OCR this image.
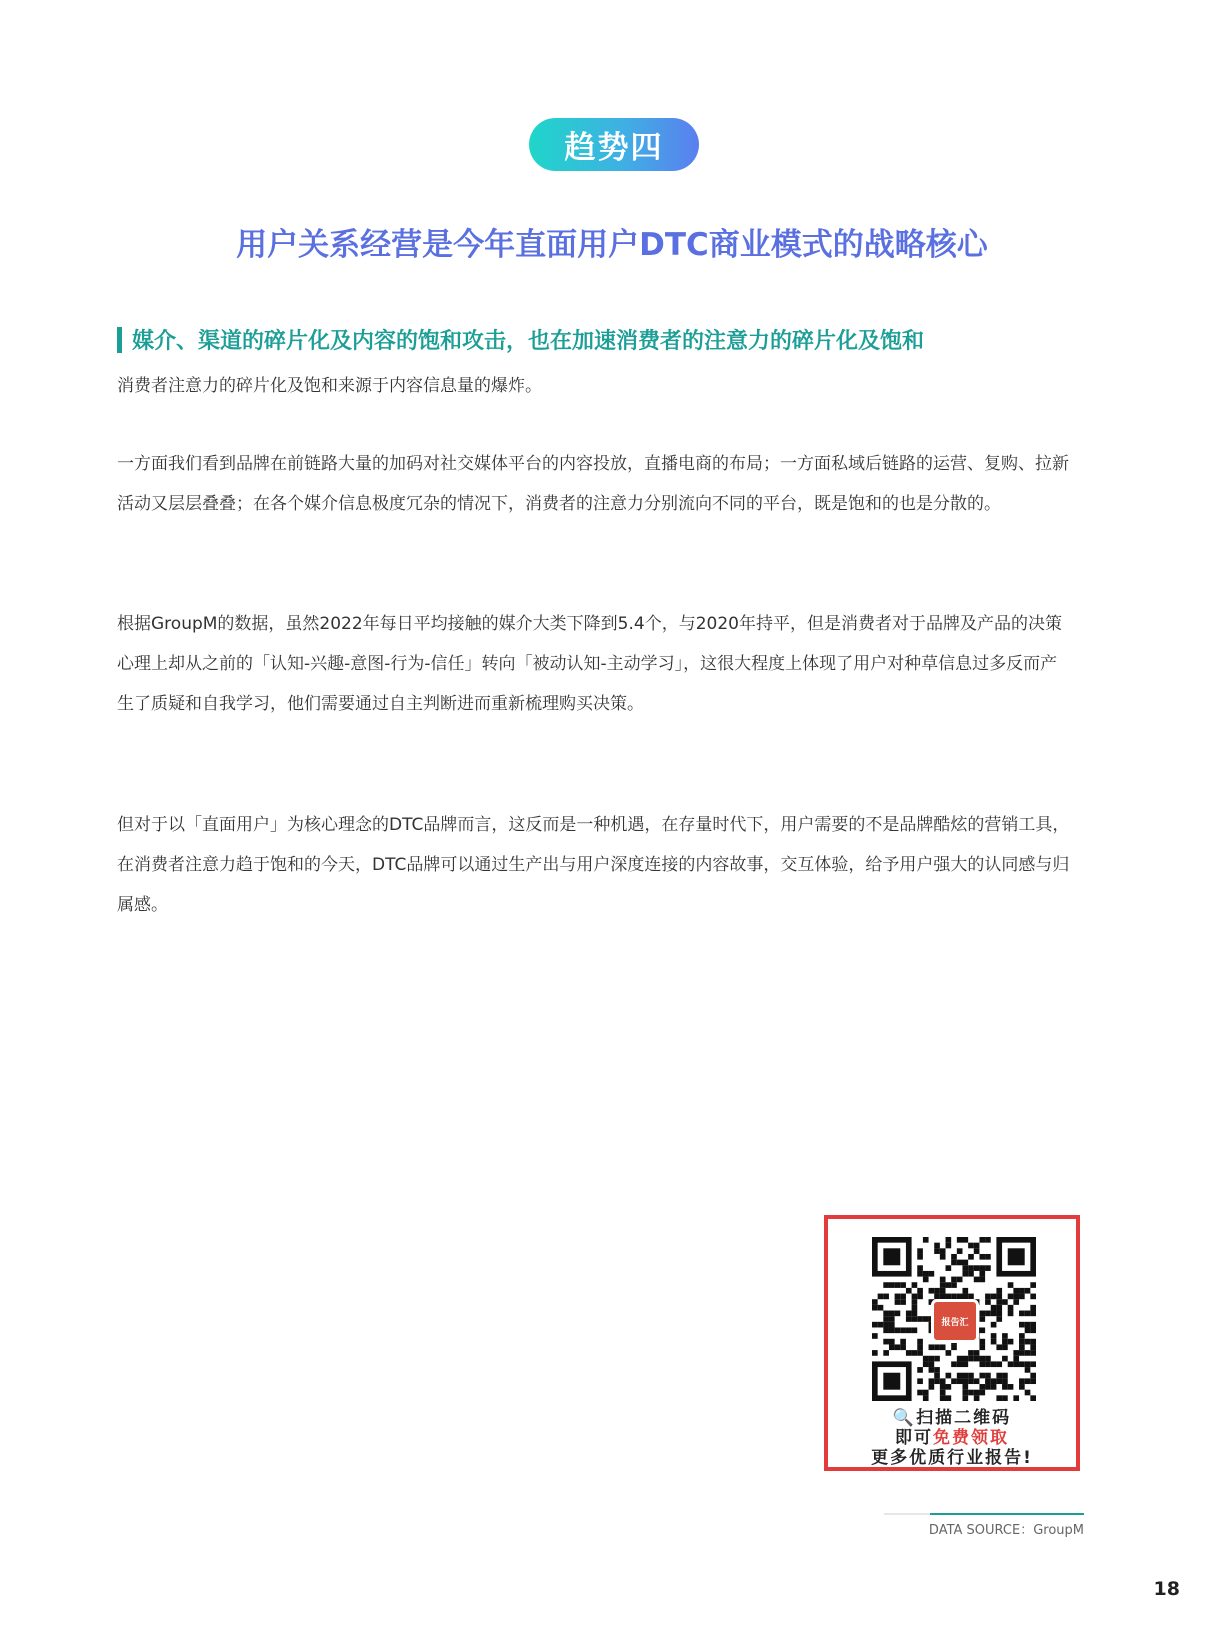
趋势四
用户关系经营是今年直面用户DTC商业模式的战略核心
媒介、渠道的碎片化及内容的饱和攻击，也在加速消费者的注意力的碎片化及饱和

消费者注意力的碎片化及饱和来源于内容信息量的爆炸。

一方面我们看到品牌在前链路大量的加码对社交媒体平台的内容投放，直播电商的布局；一方面私域后链路的运营、复购、拉新活动又层层叠叠；在各个媒介信息极度冗杂的情况下，消费者的注意力分别流向不同的平台，既是饱和的也是分散的。

根据GroupM的数据，虽然2022年每日平均接触的媒介大类下降到5.4个，与2020年持平，但是消费者对于品牌及产品的决策心理上却从之前的「认知-兴趣-意图-行为-信任」转向「被动认知-主动学习」，这很大程度上体现了用户对种草信息过多反而产生了质疑和自我学习，他们需要通过自主判断进而重新梳理购买决策。

但对于以「直面用户」为核心理念的DTC品牌而言，这反而是一种机遇，在存量时代下，用户需要的不是品牌酷炫的营销工具，在消费者注意力趋于饱和的今天，DTC品牌可以通过生产出与用户深度连接的内容故事，交互体验，给予用户强大的认同感与归属感。

报告汇
🔍扫描二维码
即可免费领取
更多优质行业报告!
DATA SOURCE：GroupM
18
